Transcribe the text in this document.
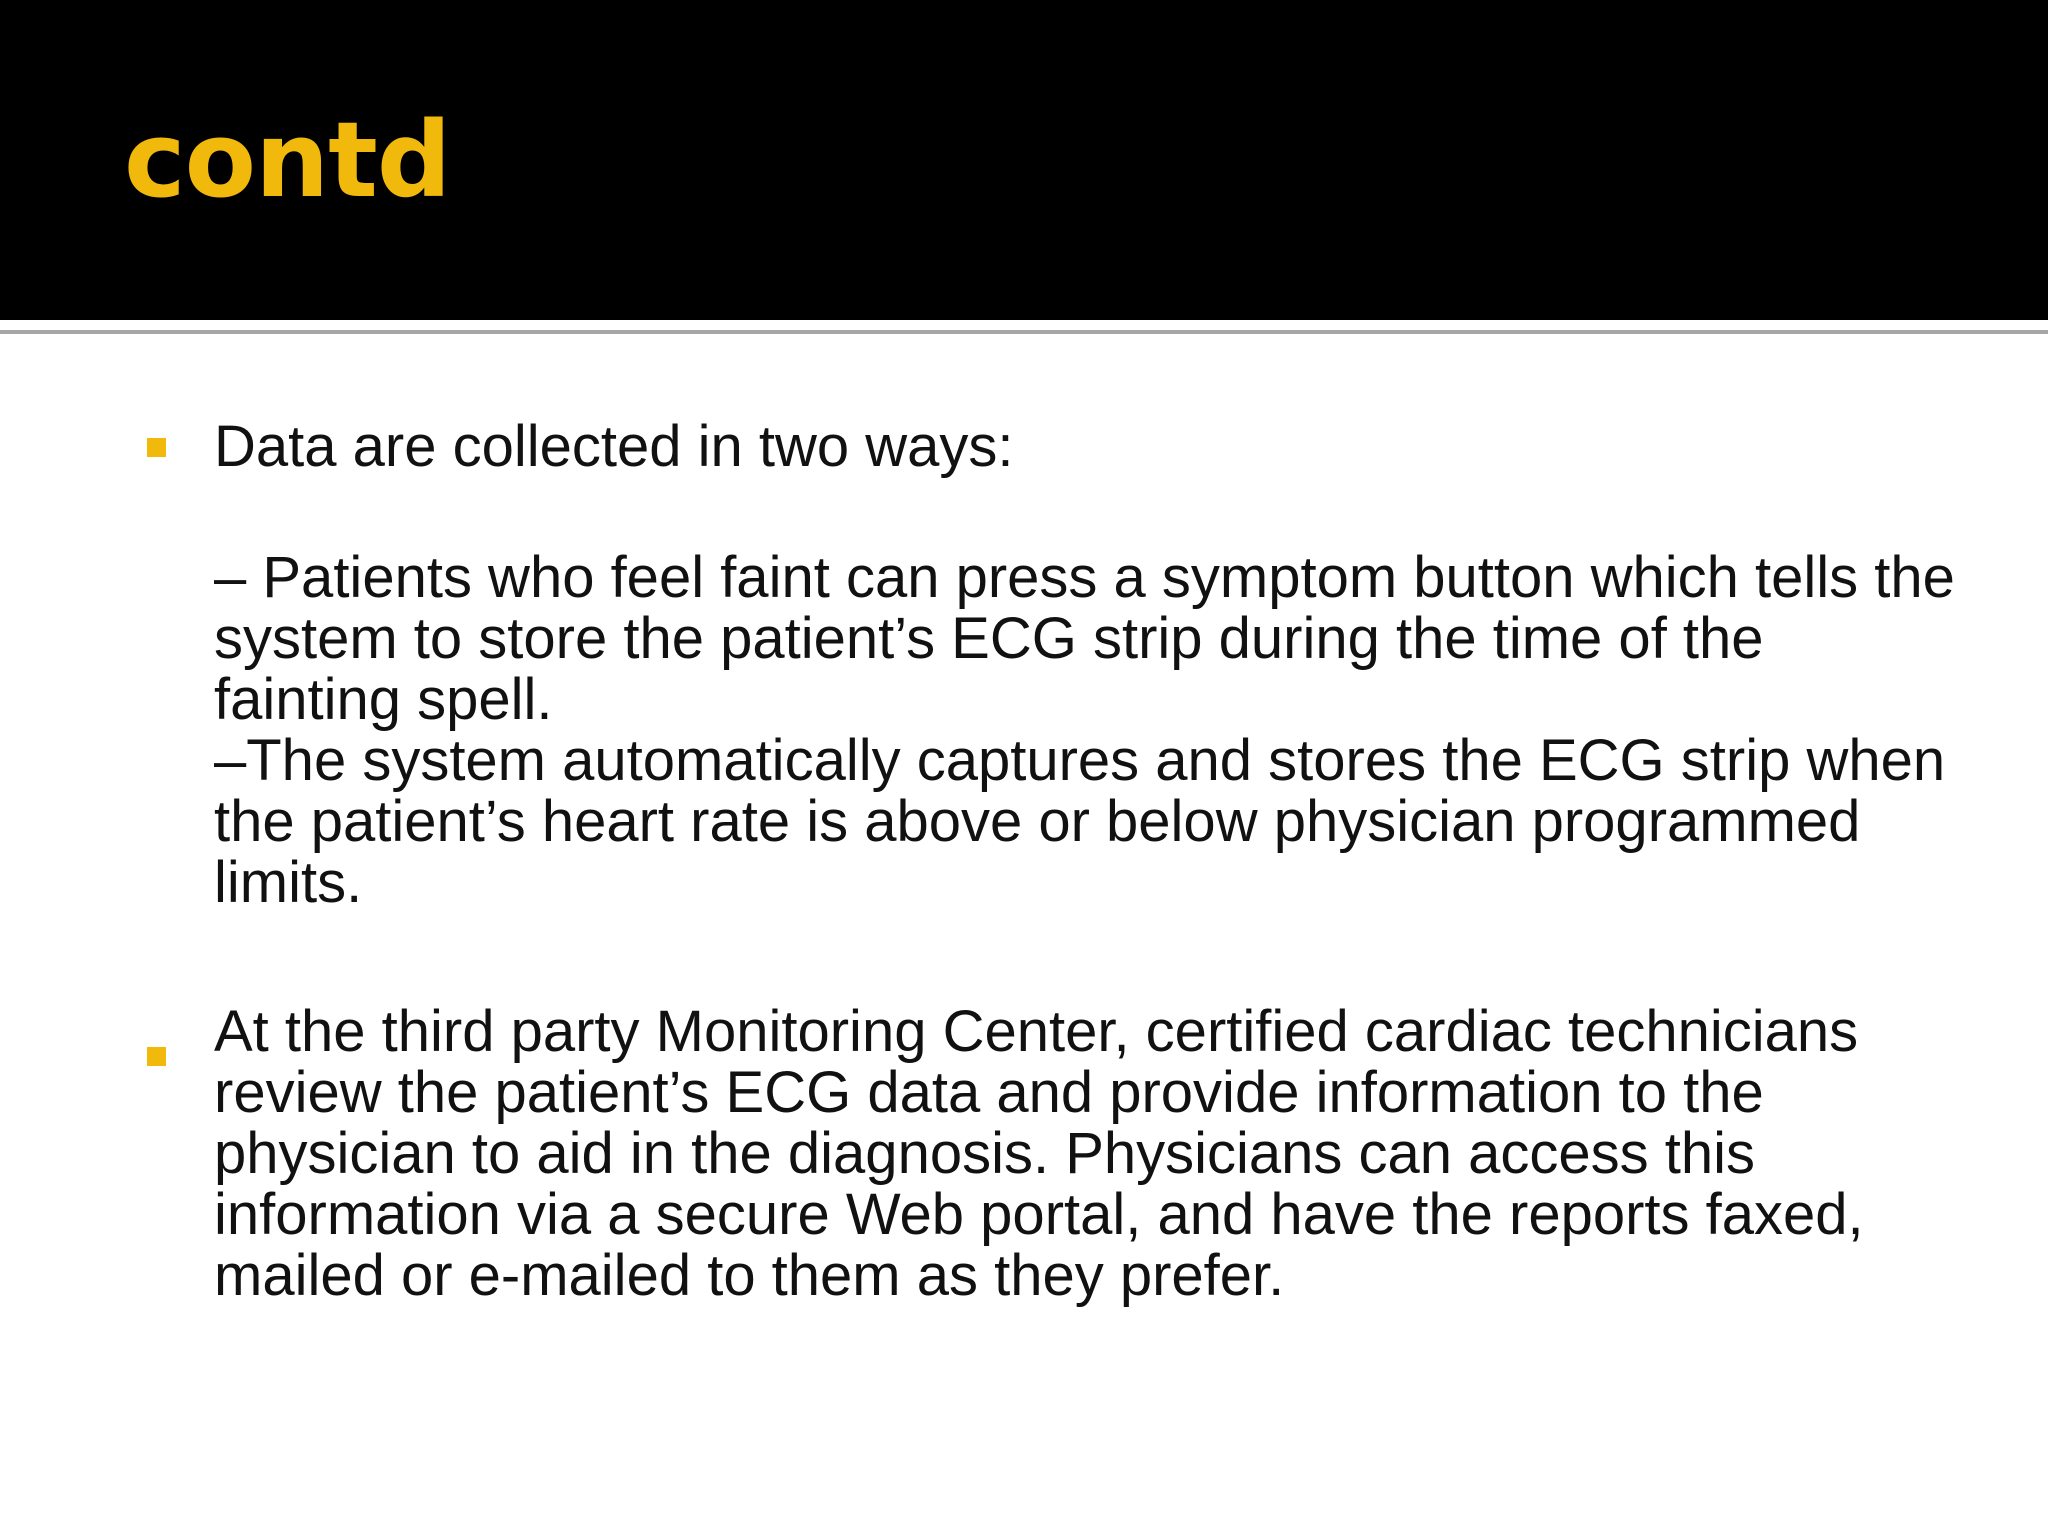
contd

Data are collected in two ways:

– Patients who feel faint can press a symptom button which tells the system to store the patient’s ECG strip during the time of the fainting spell.

–The system automatically captures and stores the ECG strip when the patient’s heart rate is above or below physician programmed limits.

At the third party Monitoring Center, certified cardiac technicians review the patient’s ECG data and provide information to the physician to aid in the diagnosis. Physicians can access this information via a secure Web portal, and have the reports faxed, mailed or e-mailed to them as they prefer.
